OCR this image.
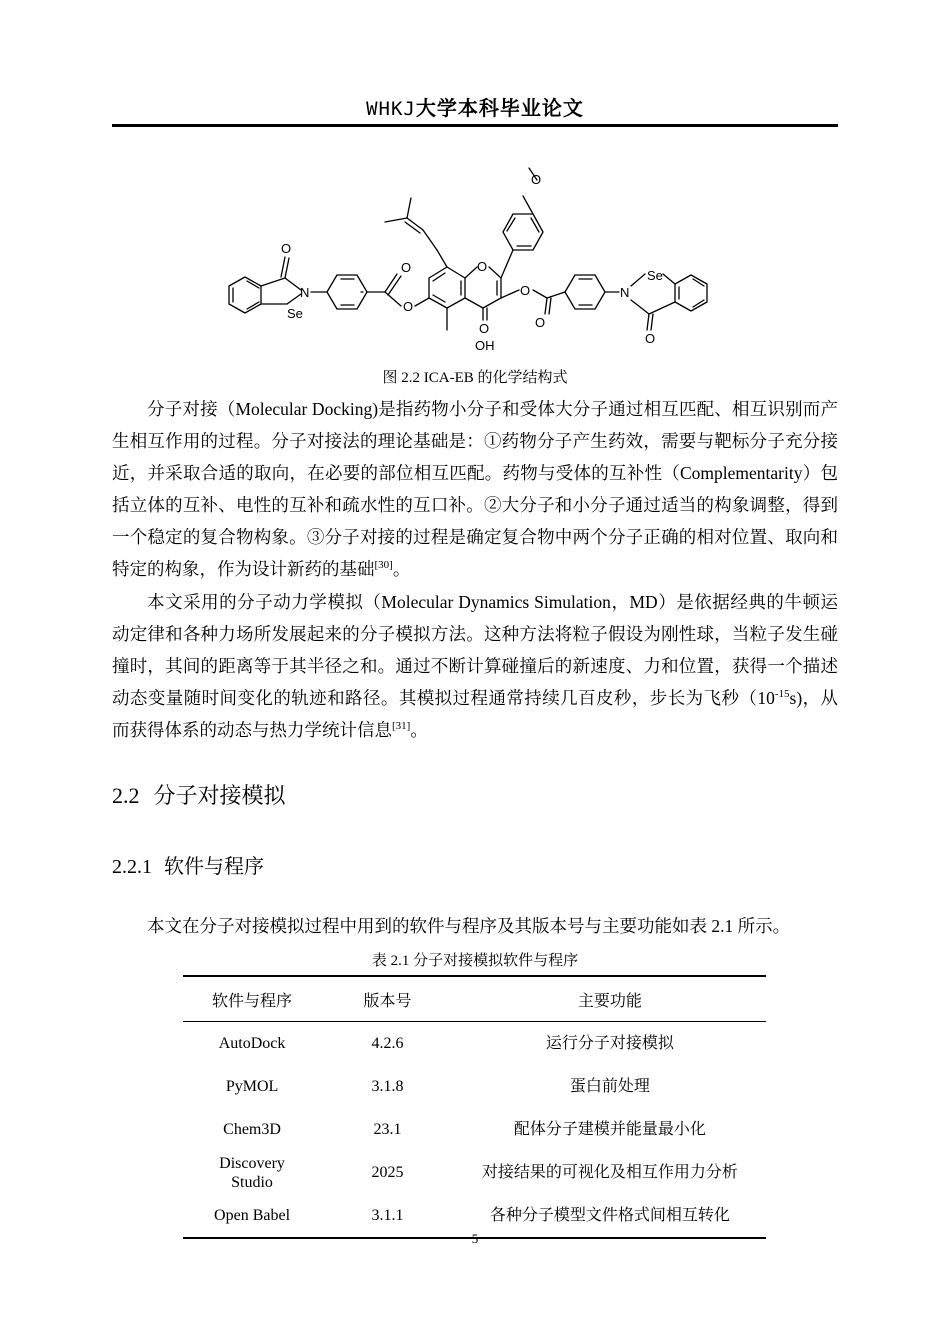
WHKJ大学本科毕业论文
O
N
Se
O
O
O
O
O
OH
O
O
Se
N
O
图 2.2 ICA-EB 的化学结构式

分子对接（Molecular Docking)是指药物小分子和受体大分子通过相互匹配、相互识别而产生相互作用的过程。分子对接法的理论基础是：①药物分子产生药效，需要与靶标分子充分接近，并采取合适的取向，在必要的部位相互匹配。药物与受体的互补性（Complementarity）包括立体的互补、电性的互补和疏水性的互口补。②大分子和小分子通过适当的构象调整，得到一个稳定的复合物构象。③分子对接的过程是确定复合物中两个分子正确的相对位置、取向和特定的构象，作为设计新药的基础[30]。

本文采用的分子动力学模拟（Molecular Dynamics Simulation，MD）是依据经典的牛顿运动定律和各种力场所发展起来的分子模拟方法。这种方法将粒子假设为刚性球，当粒子发生碰撞时，其间的距离等于其半径之和。通过不断计算碰撞后的新速度、力和位置，获得一个描述动态变量随时间变化的轨迹和路径。其模拟过程通常持续几百皮秒，步长为飞秒$(10^{-15}s)$，从而获得体系的动态与热力学统计信息[31]。

2.2 分子对接模拟
2.2.1 软件与程序

本文在分子对接模拟过程中用到的软件与程序及其版本号与主要功能如表 2.1 所示。

表 2.1 分子对接模拟软件与程序
软件与程序	版本号	主要功能
AutoDock	4.2.6	运行分子对接模拟
PyMOL	3.1.8	蛋白前处理
Chem3D	23.1	配体分子建模并能量最小化
Discovery
Studio	2025	对接结果的可视化及相互作用力分析
Open Babel	3.1.1	各种分子模型文件格式间相互转化
5
